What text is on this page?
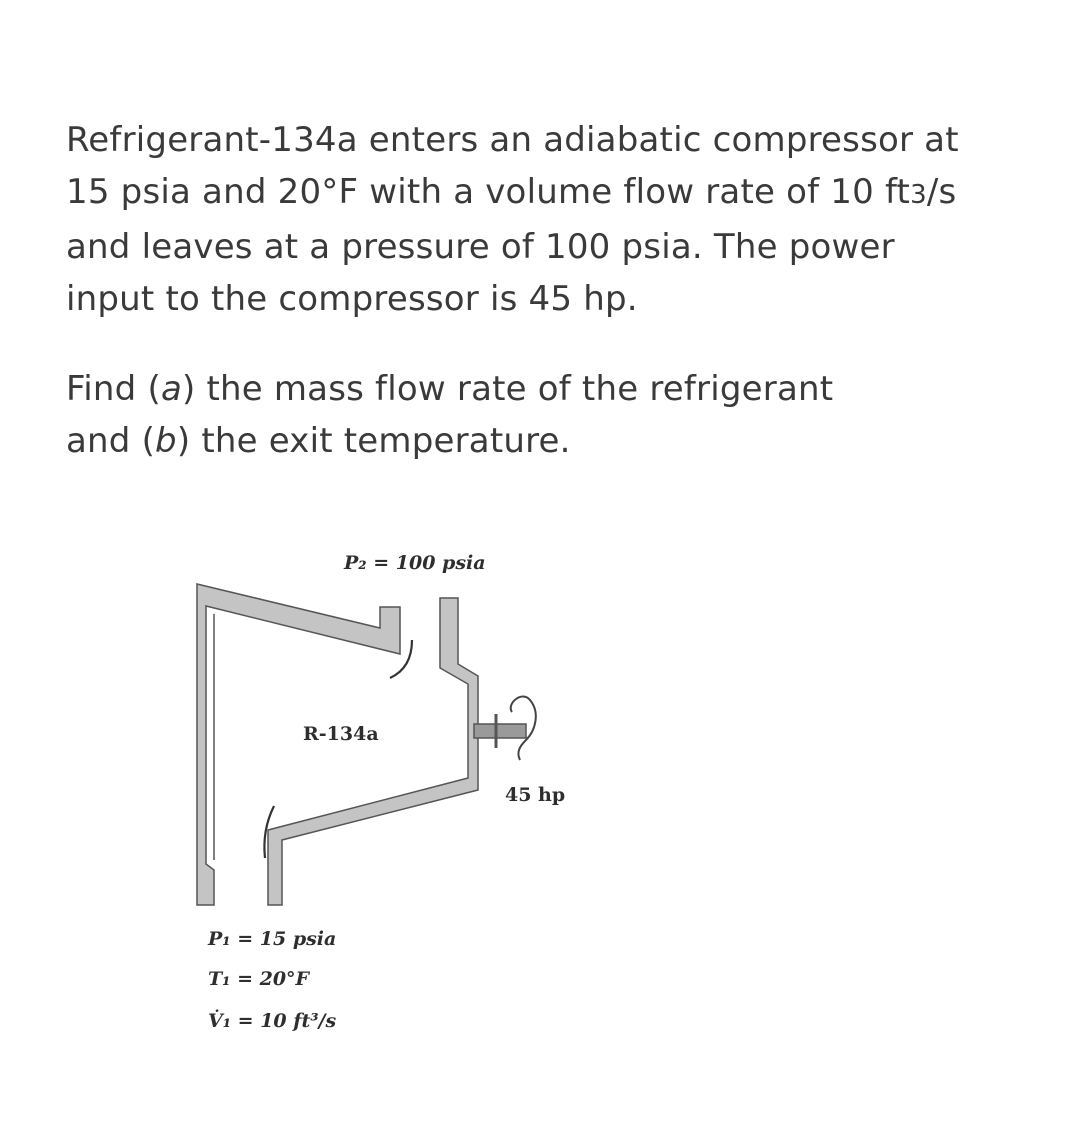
Refrigerant-134a enters an adiabatic compressor at
15 psia and 20°F with a volume flow rate of 10 ft3/s
and leaves at a pressure of 100 psia. The power
input to the compressor is 45 hp.

Find (a) the mass flow rate of the refrigerant
and (b) the exit temperature.

P₂ = 100 psia
R-134a
45 hp
P₁ = 15 psia
T₁ = 20°F
V̇₁ = 10 ft³/s
